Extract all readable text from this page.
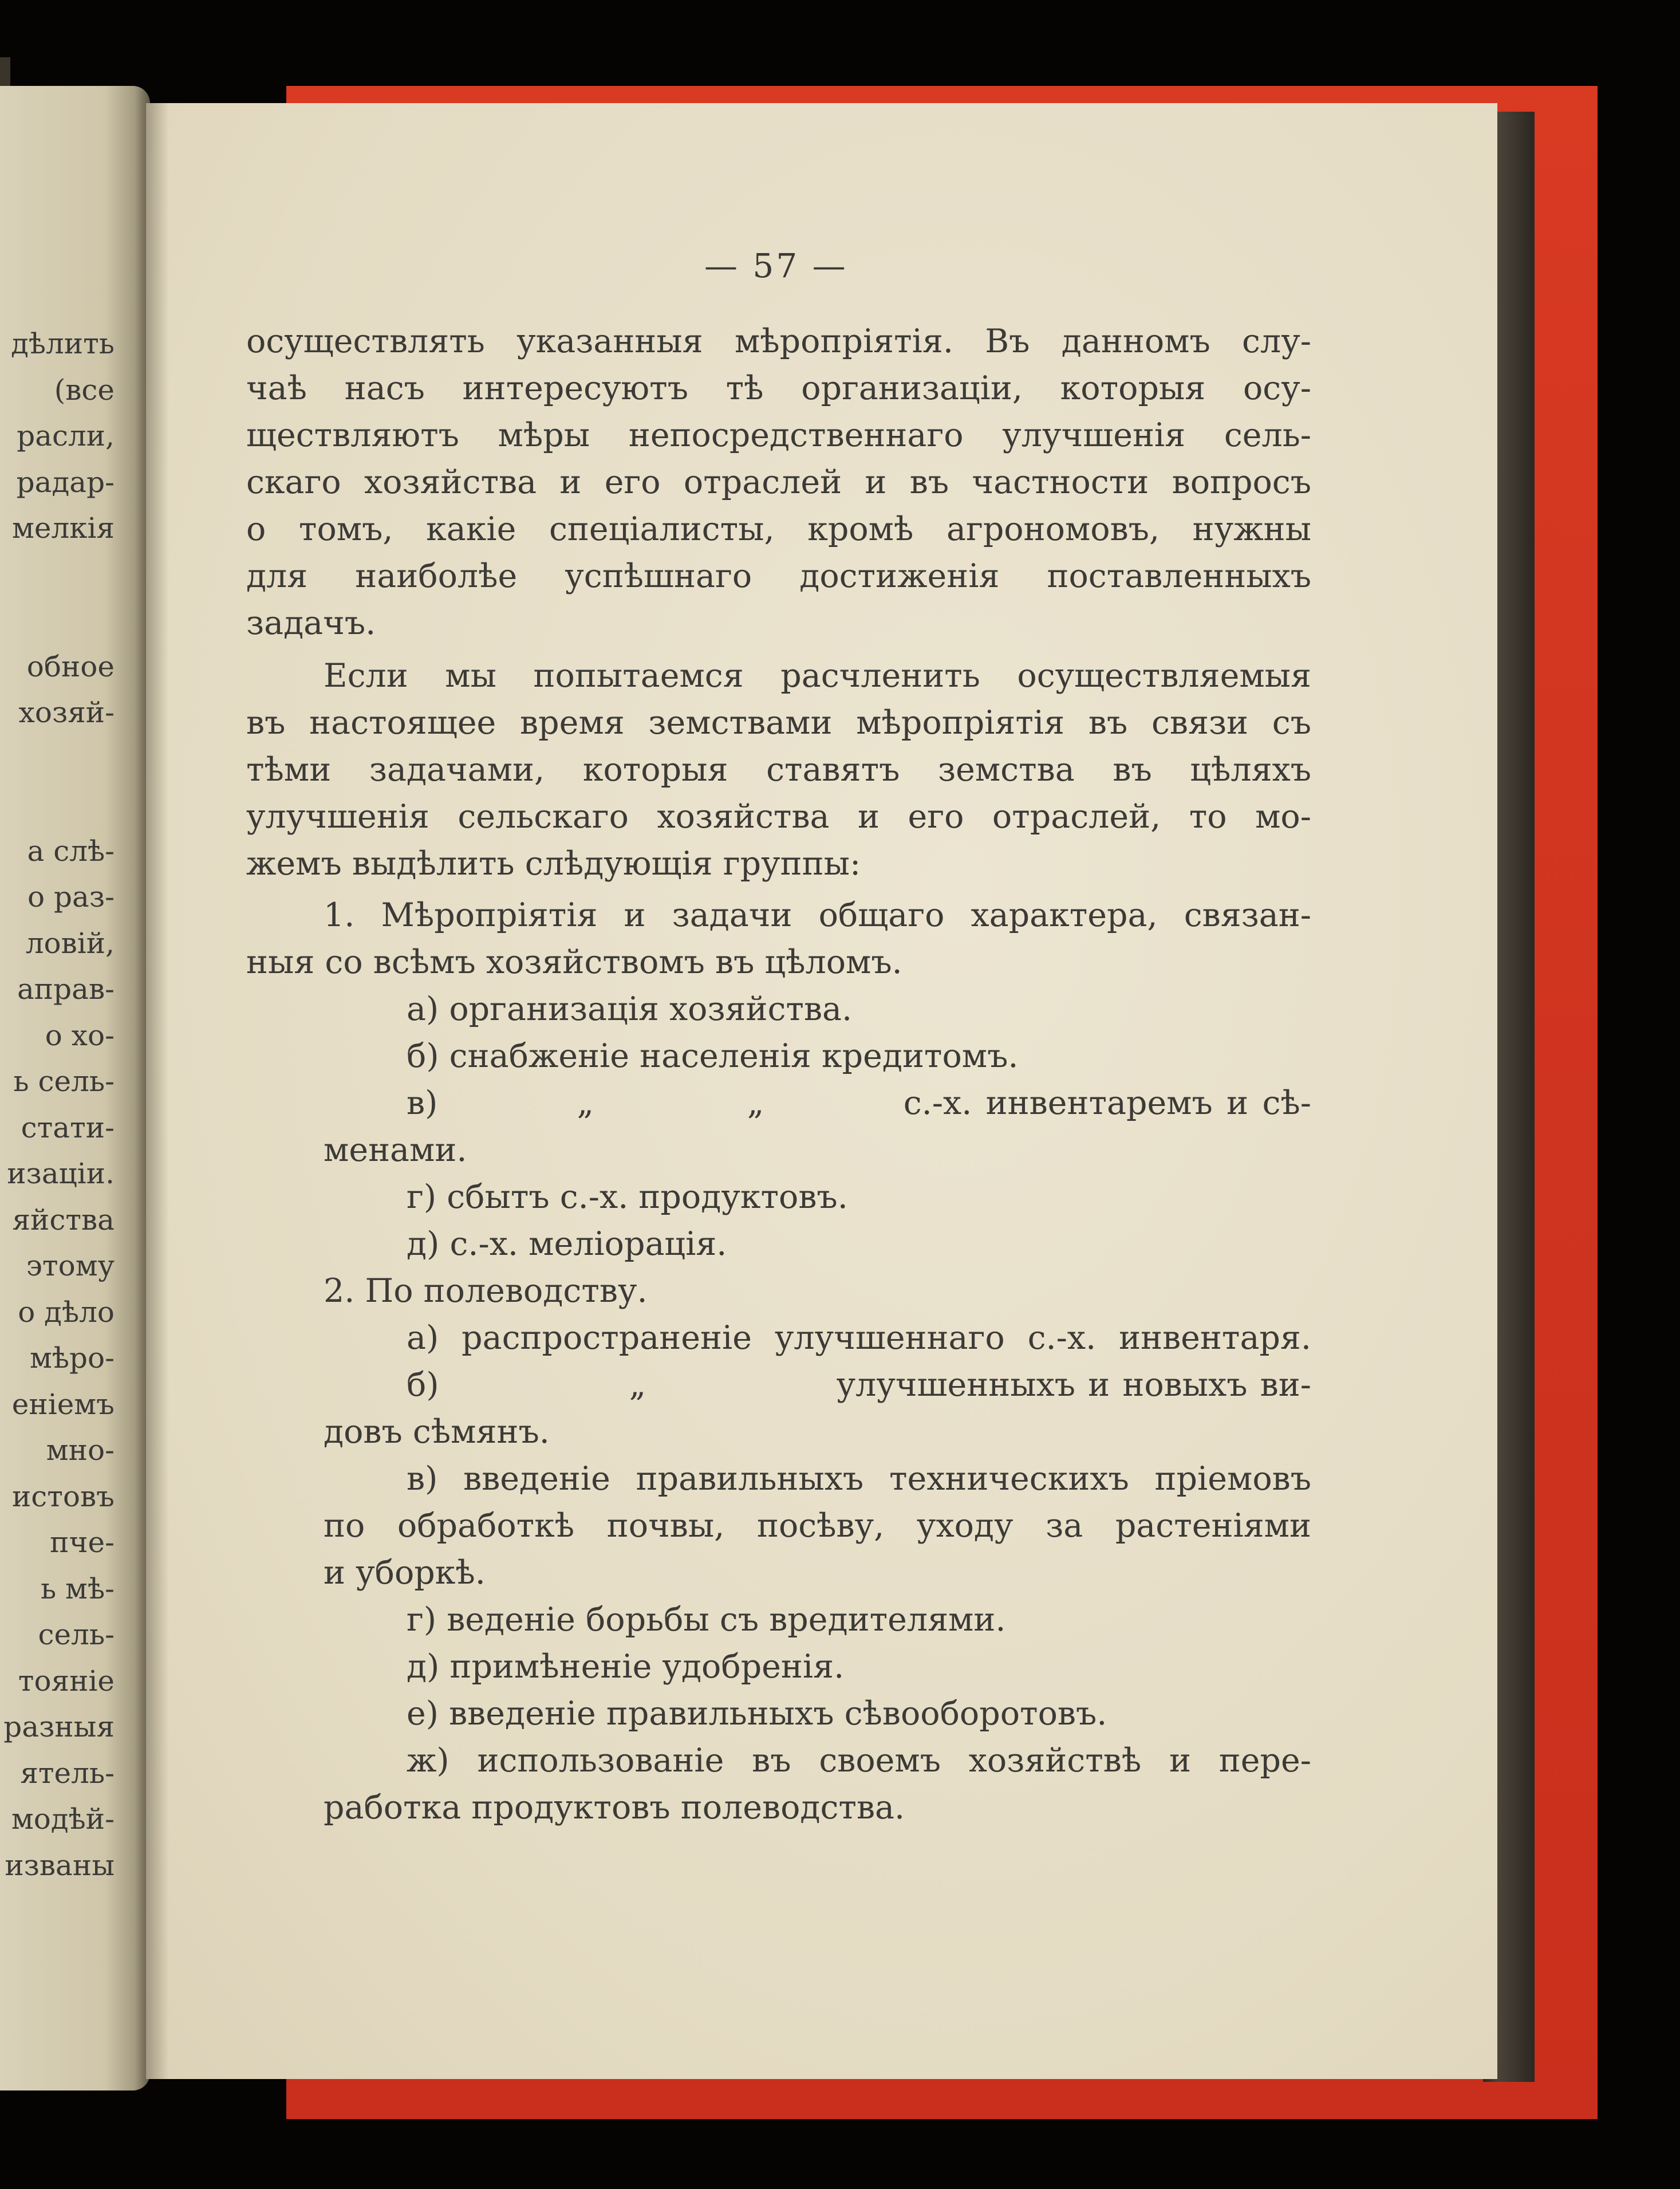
дѣлить
(все
расли,
радар-
мелкія

обное
хозяй-

а слѣ-
о раз-
ловій,
аправ-
о хо-
ь сель-
стати-
изаціи.
яйства
этому
о дѣло
мѣро-
еніемъ
мно-
истовъ
пче-
ь мѣ-
сель-
тояніе
разныя
ятель-
модѣй-
изваны
— 57 —
осуществлять указанныя мѣропріятія. Въ данномъ слу-
чаѣ насъ интересуютъ тѣ организаціи, которыя осу-
ществляютъ мѣры непосредственнаго улучшенія сель-
скаго хозяйства и его отраслей и въ частности вопросъ
о томъ, какіе спеціалисты, кромѣ агрономовъ, нужны
для наиболѣе успѣшнаго достиженія поставленныхъ
задачъ.
Если мы попытаемся расчленить осуществляемыя
въ настоящее время земствами мѣропріятія въ связи съ
тѣми задачами, которыя ставятъ земства въ цѣляхъ
улучшенія сельскаго хозяйства и его отраслей, то мо-
жемъ выдѣлить слѣдующія группы:
1. Мѣропріятія и задачи общаго характера, связан-
ныя со всѣмъ хозяйствомъ въ цѣломъ.
а) организація хозяйства.
б) снабженіе населенія кредитомъ.
в)          „           „          с.-х. инвентаремъ и сѣ-
менами.
г) сбытъ с.-х. продуктовъ.
д) с.-х. мелiорація.
2. По полеводству.
а) распространеніе улучшеннаго с.-х. инвентаря.
б)               „               улучшенныхъ и новыхъ ви-
довъ сѣмянъ.
в) введеніе правильныхъ техническихъ пріемовъ
по обработкѣ почвы, посѣву, уходу за растеніями
и уборкѣ.
г) веденіе борьбы съ вредителями.
д) примѣненіе удобренія.
е) введеніе правильныхъ сѣвооборотовъ.
ж) использованіе въ своемъ хозяйствѣ и пере-
работка продуктовъ полеводства.
